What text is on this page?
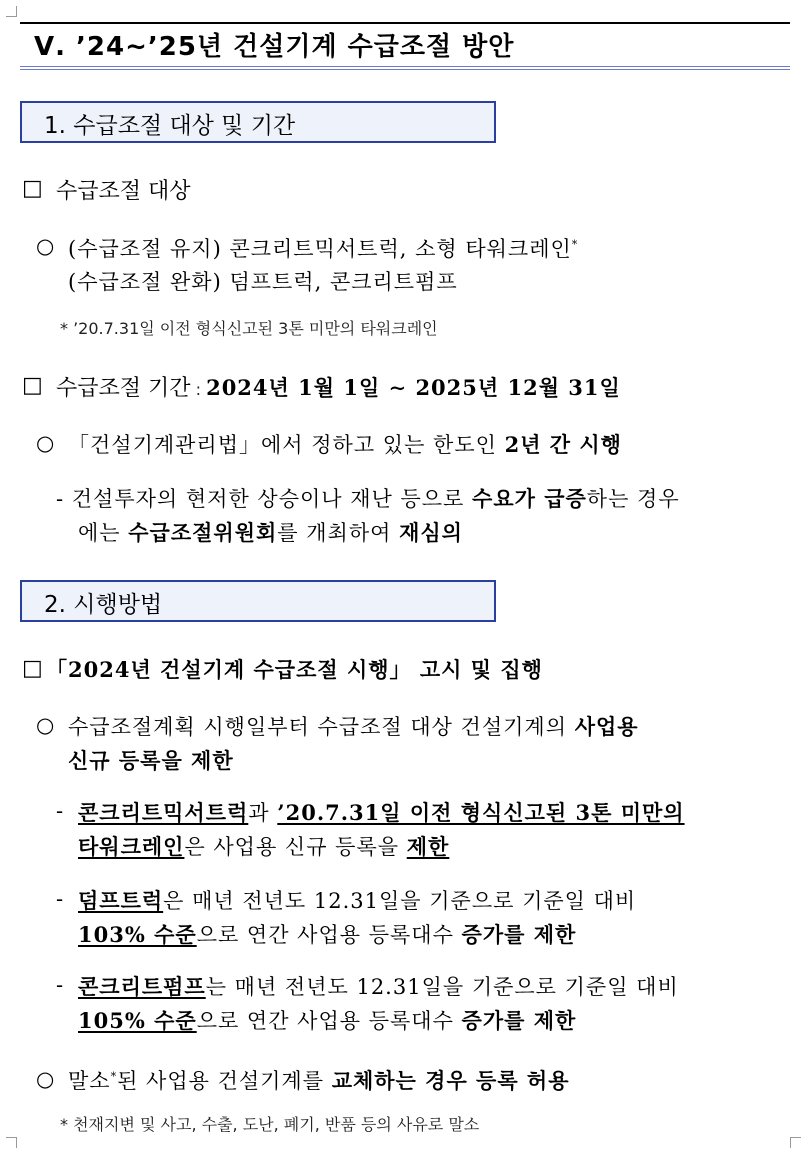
Ⅴ. ’24∼’25년 건설기계 수급조절 방안
1. 수급조절 대상 및 기간
□ 수급조절 대상
○ (수급조절 유지) 콘크리트믹서트럭, 소형 타워크레인*
(수급조절 완화) 덤프트럭, 콘크리트펌프
* ’20.7.31일 이전 형식신고된 3톤 미만의 타워크레인
□ 수급조절 기간 : 2024년 1월 1일 ∼ 2025년 12월 31일
○ 「건설기계관리법」에서 정하고 있는 한도인 2년 간 시행
- 건설투자의 현저한 상승이나 재난 등으로 수요가 급증하는 경우
에는 수급조절위원회를 개최하여 재심의
2. 시행방법
□ 「2024년 건설기계 수급조절 시행」 고시 및 집행
○ 수급조절계획 시행일부터 수급조절 대상 건설기계의 사업용
신규 등록을 제한
- 콘크리트믹서트럭과 ’20.7.31일 이전 형식신고된 3톤 미만의
타워크레인은 사업용 신규 등록을 제한
- 덤프트럭은 매년 전년도 12.31일을 기준으로 기준일 대비
103% 수준으로 연간 사업용 등록대수 증가를 제한
- 콘크리트펌프는 매년 전년도 12.31일을 기준으로 기준일 대비
105% 수준으로 연간 사업용 등록대수 증가를 제한
○ 말소*된 사업용 건설기계를 교체하는 경우 등록 허용
* 천재지변 및 사고, 수출, 도난, 폐기, 반품 등의 사유로 말소
